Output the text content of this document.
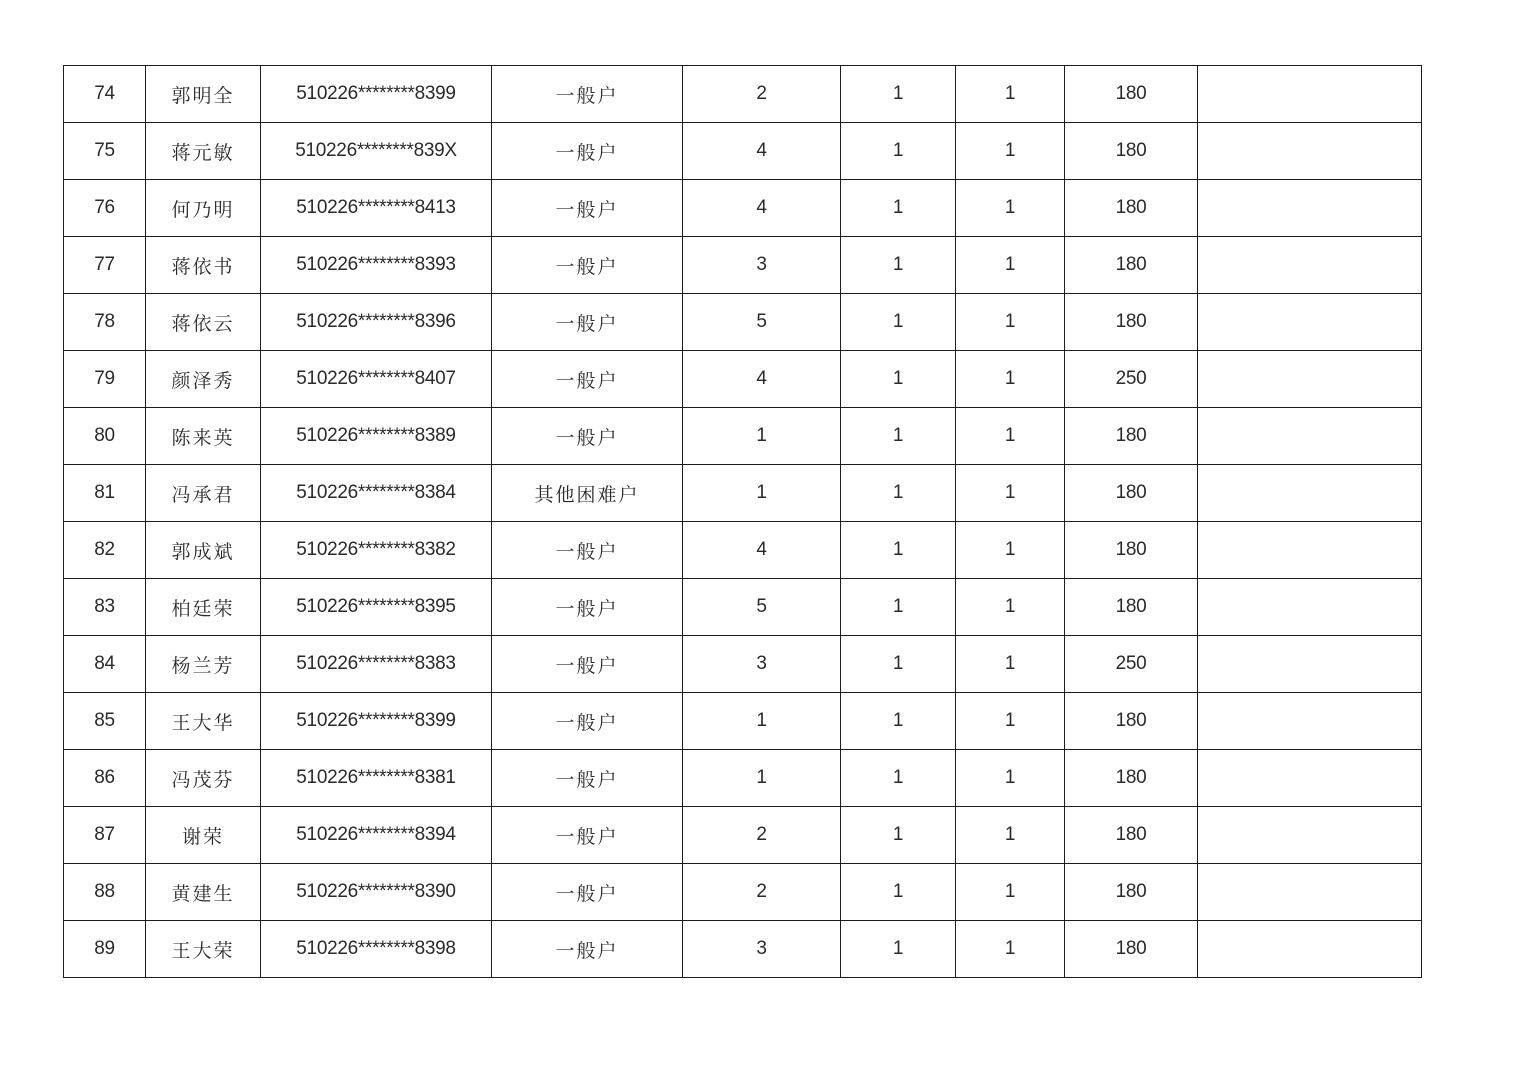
74	郭明全	510226********8399	一般户	2	1	1	180	
75	蒋元敏	510226********839X	一般户	4	1	1	180	
76	何乃明	510226********8413	一般户	4	1	1	180	
77	蒋依书	510226********8393	一般户	3	1	1	180	
78	蒋依云	510226********8396	一般户	5	1	1	180	
79	颜泽秀	510226********8407	一般户	4	1	1	250	
80	陈来英	510226********8389	一般户	1	1	1	180	
81	冯承君	510226********8384	其他困难户	1	1	1	180	
82	郭成斌	510226********8382	一般户	4	1	1	180	
83	柏廷荣	510226********8395	一般户	5	1	1	180	
84	杨兰芳	510226********8383	一般户	3	1	1	250	
85	王大华	510226********8399	一般户	1	1	1	180	
86	冯茂芬	510226********8381	一般户	1	1	1	180	
87	谢荣	510226********8394	一般户	2	1	1	180	
88	黄建生	510226********8390	一般户	2	1	1	180	
89	王大荣	510226********8398	一般户	3	1	1	180	
